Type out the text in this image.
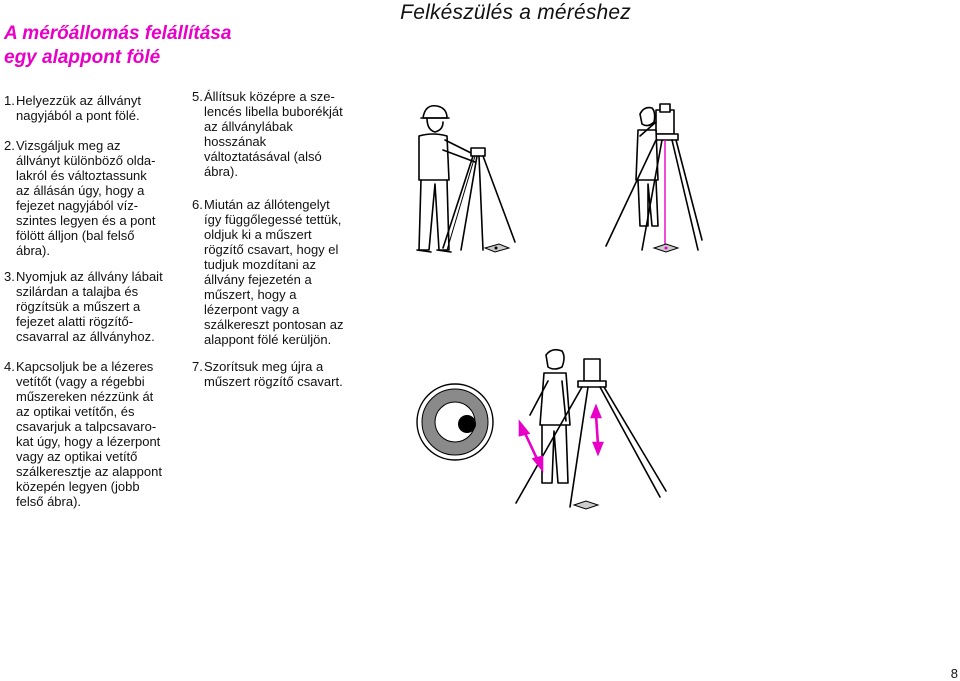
Felkészülés a méréshez
A mérőállomás felállítása
egy alappont fölé
1. Helyezzük az állványt
nagyjából a pont fölé.
2. Vizsgáljuk meg az
állványt különböző olda-
lakról és változtassunk
az állásán úgy, hogy a
fejezet nagyjából víz-
szintes legyen és a pont
fölött álljon (bal felső
ábra).
3. Nyomjuk az állvány lábait
szilárdan a talajba és
rögzítsük a műszert a
fejezet alatti rögzítő-
csavarral az állványhoz.
4. Kapcsoljuk be a lézeres
vetítőt (vagy a régebbi
műszereken nézzünk át
az optikai vetítőn, és
csavarjuk a talpcsavaro-
kat úgy, hogy a lézerpont
vagy az optikai vetítő
szálkeresztje az alappont
közepén legyen (jobb
felső ábra).
5. Állítsuk középre a sze-
lencés libella buborékját
az állványlábak
hosszának
változtatásával (alsó
ábra).
6. Miután az állótengelyt
így függőlegessé tettük,
oldjuk ki a műszert
rögzítő csavart, hogy el
tudjuk mozdítani az
állvány fejezetén a
műszert, hogy a
lézerpont vagy a
szálkereszt pontosan az
alappont fölé kerüljön.
7. Szorítsuk meg újra a
műszert rögzítő csavart.
8
